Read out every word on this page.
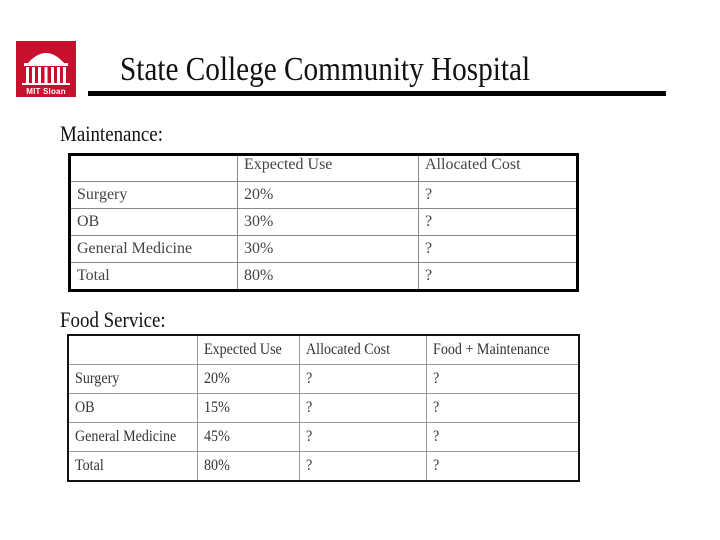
MIT Sloan
State College Community Hospital
Maintenance:
	Expected Use	Allocated Cost
Surgery	20%	?
OB	30%	?
General Medicine	30%	?
Total	80%	?
Food Service:
	Expected Use	Allocated Cost	Food + Maintenance
Surgery	20%	?	?
OB	15%	?	?
General Medicine	45%	?	?
Total	80%	?	?
